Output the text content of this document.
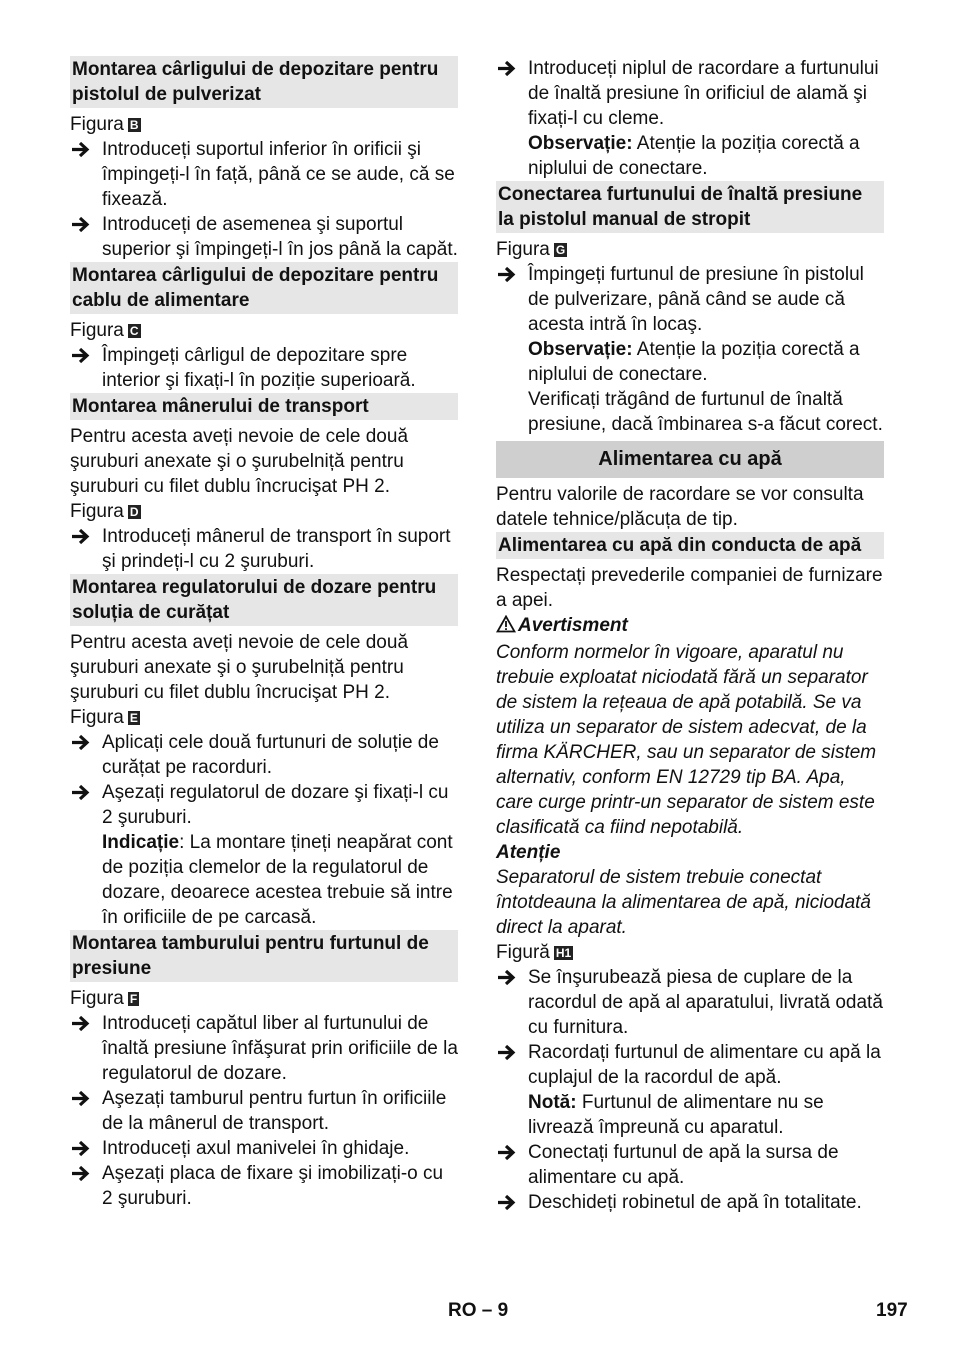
Montarea cârligului de depozitare pentru pistolul de pulverizat
Figura B
Introduceți suportul inferior în orificii şi împingeți-l în față, până ce se aude, că se fixează.
Introduceți de asemenea şi suportul superior şi împingeți-l în jos până la capăt.
Montarea cârligului de depozitare pentru cablu de alimentare
Figura C
Împingeți cârligul de depozitare spre interior şi fixați-l în poziție superioară.
Montarea mânerului de transport
Pentru acesta aveți nevoie de cele două şuruburi anexate şi o şurubelniță pentru şuruburi cu filet dublu încrucişat PH 2.
Figura D
Introduceți mânerul de transport în suport şi prindeți-l cu 2 şuruburi.
Montarea regulatorului de dozare pentru soluția de curățat
Pentru acesta aveți nevoie de cele două şuruburi anexate şi o şurubelniță pentru şuruburi cu filet dublu încrucişat PH 2.
Figura E
Aplicați cele două furtunuri de soluție de curățat pe racorduri.
Aşezați regulatorul de dozare şi fixați-l cu 2 şuruburi.
Indicație: La montare țineți neapărat cont de poziția clemelor de la regulatorul de dozare, deoarece acestea trebuie să intre în orificiile de pe carcasă.
Montarea tamburului pentru furtunul de presiune
Figura F
Introduceți capătul liber al furtunului de înaltă presiune înfăşurat prin orificiile de la regulatorul de dozare.
Aşezați tamburul pentru furtun în orificiile de la mânerul de transport.
Introduceți axul manivelei în ghidaje.
Aşezați placa de fixare şi imobilizați-o cu 2 şuruburi.
Introduceți niplul de racordare a furtunului de înaltă presiune în orificiul de alamă şi fixați-l cu cleme.
Observație: Atenție la poziția corectă a niplului de conectare.
Conectarea furtunului de înaltă presiune la pistolul manual de stropit
Figura G
Împingeți furtunul de presiune în pistolul de pulverizare, până când se aude că acesta intră în locaş.
Observație: Atenție la poziția corectă a niplului de conectare.
Verificați trăgând de furtunul de înaltă presiune, dacă îmbinarea s-a făcut corect.
Alimentarea cu apă
Pentru valorile de racordare se vor consulta datele tehnice/plăcuța de tip.
Alimentarea cu apă din conducta de apă
Respectați prevederile companiei de furnizare a apei.
Avertisment
Conform normelor în vigoare, aparatul nu trebuie exploatat niciodată fără un separator de sistem la rețeaua de apă potabilă. Se va utiliza un separator de sistem adecvat, de la firma KÄRCHER, sau un separator de sistem alternativ, conform EN 12729 tip BA. Apa, care curge printr-un separator de sistem este clasificată ca fiind nepotabilă.
Atenție
Separatorul de sistem trebuie conectat întotdeauna la alimentarea de apă, niciodată direct la aparat.
Figură H1
Se înşurubează piesa de cuplare de la racordul de apă al aparatului, livrată odată cu furnitura.
Racordați furtunul de alimentare cu apă la cuplajul de la racordul de apă.
Notă: Furtunul de alimentare nu se livrează împreună cu aparatul.
Conectați furtunul de apă la sursa de alimentare cu apă.
Deschideți robinetul de apă în totalitate.
RO – 9	197
